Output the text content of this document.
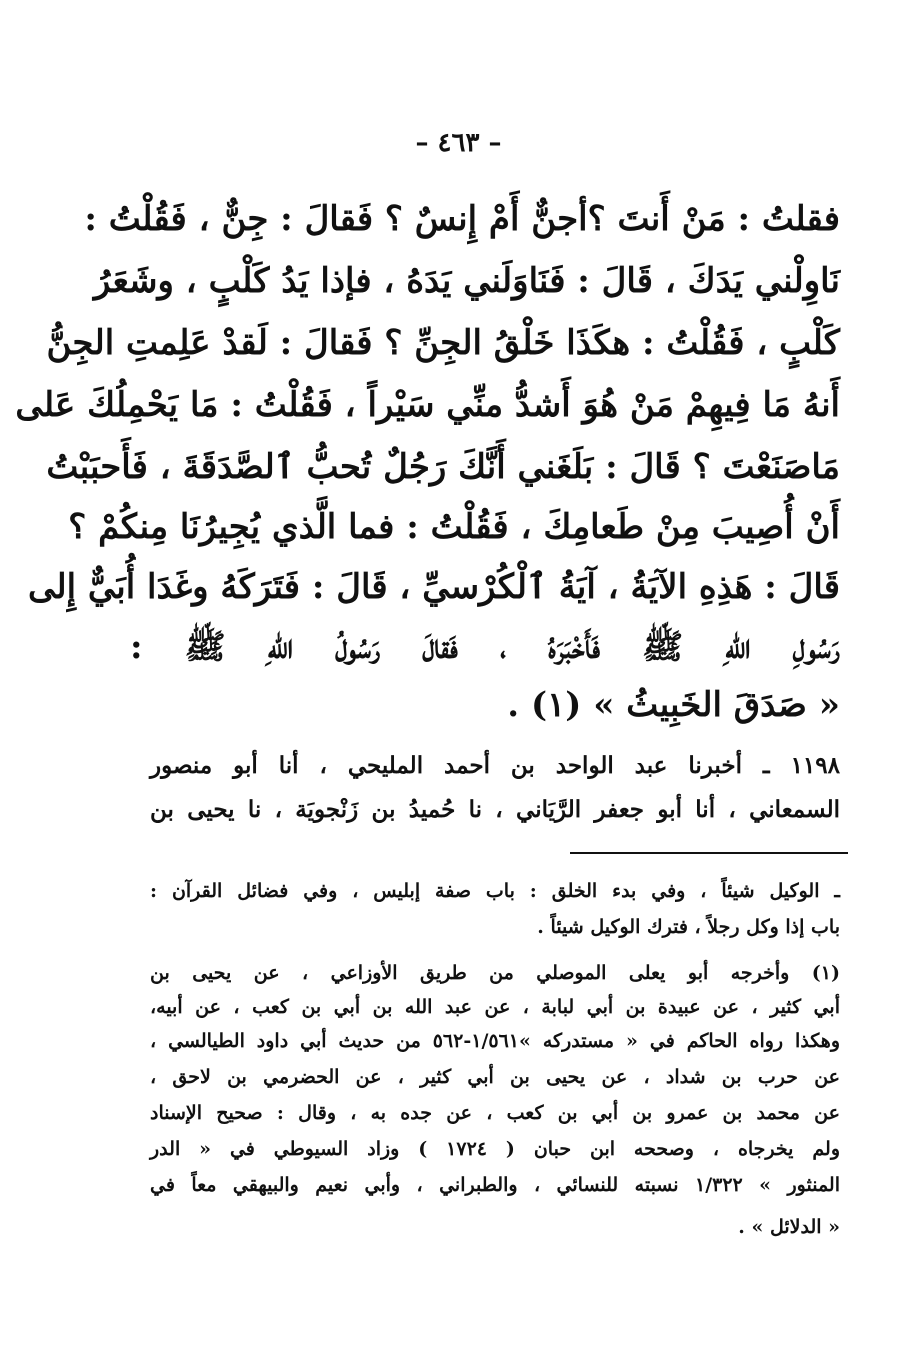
– ٤٦٣ –
فقلتُ : مَنْ أَنتَ ؟أجنٌّ أَمْ إِنسٌ ؟ فَقالَ : جِنٌّ ، فَقُلْتُ :
نَاوِلْني يَدَكَ ، قَالَ : فَنَاوَلَني يَدَهُ ، فإذا يَدُ كَلْبٍ ، وشَعَرُ
كَلْبٍ ، فَقُلْتُ : هكَذَا خَلْقُ الجِنِّ ؟ فَقالَ : لَقدْ عَلِمتِ الجِنُّ
أَنهُ مَا فِيهِمْ مَنْ هُوَ أَشدُّ منِّي سَيْراً ، فَقُلْتُ : مَا يَحْمِلُكَ عَلى
مَاصَنَعْتَ ؟ قَالَ : بَلَغَني أَنَّكَ رَجُلٌ تُحبُّ ٱلصَّدَقَةَ ، فَأَحبَبْتُ
أَنْ أُصِيبَ مِنْ طَعامِكَ ، فَقُلْتُ : فما الَّذي يُجِيرُنَا مِنكُمْ ؟
قَالَ : هَذِهِ الآيَةُ ، آيَةُ ٱلْكُرْسيِّ ، قَالَ : فَتَرَكَهُ وغَدَا أُبَيٌّ إِلى
رَسُولِ اللهِ ﷺ فَأَخْبَرَهُ ، فَقالَ رَسُولُ اللهِ ﷺ :
« صَدَقَ الخَبِيثُ » (١) .
١١٩٨ ـ أخبرنا عبد الواحد بن أحمد المليحي ، أنا أبو منصور
السمعاني ، أنا أبو جعفر الرَّيَاني ، نا حُميدُ بن زَنْجويَة ، نا يحيى بن
ـ الوكيل شيئاً ، وفي بدء الخلق : باب صفة إبليس ، وفي فضائل القرآن :
باب إذا وكل رجلاً ، فترك الوكيل شيئاً .
(١) وأخرجه أبو يعلى الموصلي من طريق الأوزاعي ، عن يحيى بن
أبي كثير ، عن عبيدة بن أبي لبابة ، عن عبد الله بن أبي بن كعب ، عن أبيه،
وهكذا رواه الحاكم في « مستدركه »١/٥٦١-٥٦٢ من حديث أبي داود الطيالسي ،
عن حرب بن شداد ، عن يحيى بن أبي كثير ، عن الحضرمي بن لاحق ،
عن محمد بن عمرو بن أبي بن كعب ، عن جده به ، وقال : صحيح الإسناد
ولم يخرجاه ، وصححه ابن حبان ( ١٧٢٤ ) وزاد السيوطي في « الدر
المنثور » ١/٣٢٢ نسبته للنسائي ، والطبراني ، وأبي نعيم والبيهقي معاً في
« الدلائل » .
